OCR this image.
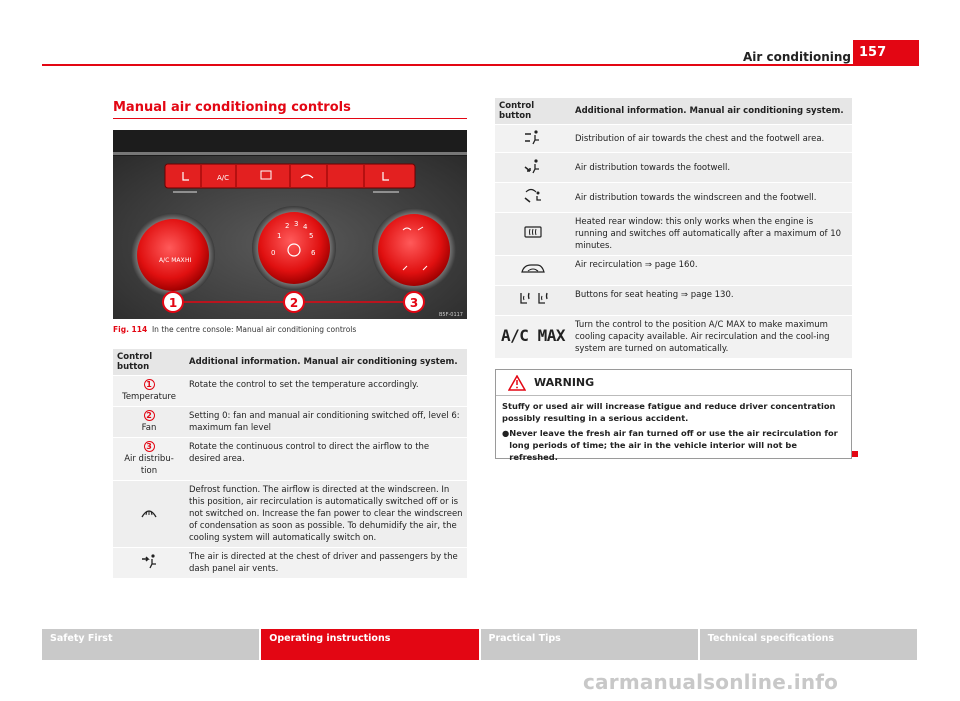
Air conditioning 157
Manual air conditioning controls
A/C
A/C MAX HI
0
1
2 3 4
5
6
1	2	3
B5F-0117
Fig. 114 In the centre console: Manual air conditioning controls
Control button	Additional information. Manual air conditioning system.
1
Temperature	Rotate the control to set the temperature accordingly.
2
Fan	Setting 0: fan and manual air conditioning switched off, level 6: maximum fan level
3
Air distribu-tion	Rotate the continuous control to direct the airflow to the desired area.
	Defrost function. The airflow is directed at the windscreen. In this position, air recirculation is automatically switched off or is not switched on. Increase the fan power to clear the windscreen of condensation as soon as possible. To dehumidify the air, the cooling system will automatically switch on.
	The air is directed at the chest of driver and passengers by the dash panel air vents.
Control button	Additional information. Manual air conditioning system.
	Distribution of air towards the chest and the footwell area.
	Air distribution towards the footwell.
	Air distribution towards the windscreen and the footwell.
	Heated rear window: this only works when the engine is running and switches off automatically after a maximum of 10 minutes.
	Air recirculation ⇒ page 160.
	Buttons for seat heating ⇒ page 130.
A/C MAX	Turn the control to the position A/C MAX to make maximum cooling capacity available. Air recirculation and the cool-ing system are turned on automatically.
WARNING
Stuffy or used air will increase fatigue and reduce driver concentration possibly resulting in a serious accident.
● Never leave the fresh air fan turned off or use the air recirculation for long periods of time; the air in the vehicle interior will not be refreshed.
Safety First	Operating instructions	Practical Tips	Technical specifications
carmanualsonline.info
